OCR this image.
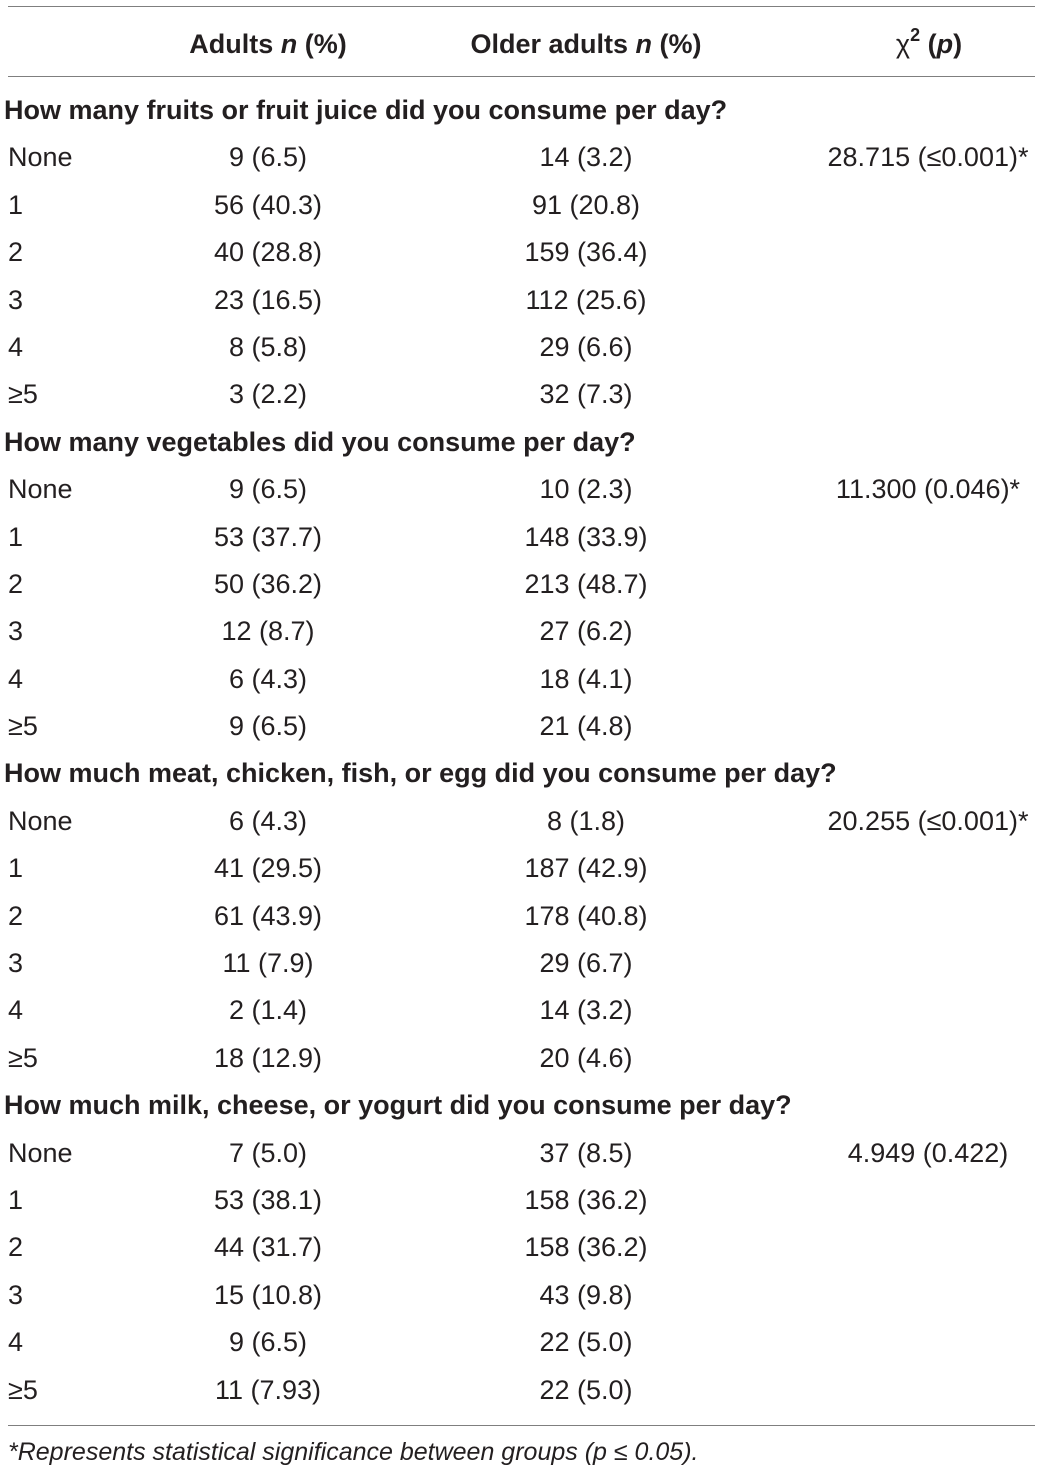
Adults n (%)	Older adults n (%)	$\chi^2$ (p)
How many fruits or fruit juice did you consume per day?
None	9 (6.5)	14 (3.2)	28.715 (≤0.001)*
1	56 (40.3)	91 (20.8)
2	40 (28.8)	159 (36.4)
3	23 (16.5)	112 (25.6)
4	8 (5.8)	29 (6.6)
≥5	3 (2.2)	32 (7.3)
How many vegetables did you consume per day?
None	9 (6.5)	10 (2.3)	11.300 (0.046)*
1	53 (37.7)	148 (33.9)
2	50 (36.2)	213 (48.7)
3	12 (8.7)	27 (6.2)
4	6 (4.3)	18 (4.1)
≥5	9 (6.5)	21 (4.8)
How much meat, chicken, fish, or egg did you consume per day?
None	6 (4.3)	8 (1.8)	20.255 (≤0.001)*
1	41 (29.5)	187 (42.9)
2	61 (43.9)	178 (40.8)
3	11 (7.9)	29 (6.7)
4	2 (1.4)	14 (3.2)
≥5	18 (12.9)	20 (4.6)
How much milk, cheese, or yogurt did you consume per day?
None	7 (5.0)	37 (8.5)	4.949 (0.422)
1	53 (38.1)	158 (36.2)
2	44 (31.7)	158 (36.2)
3	15 (10.8)	43 (9.8)
4	9 (6.5)	22 (5.0)
≥5	11 (7.93)	22 (5.0)
*Represents statistical significance between groups (p ≤ 0.05).
